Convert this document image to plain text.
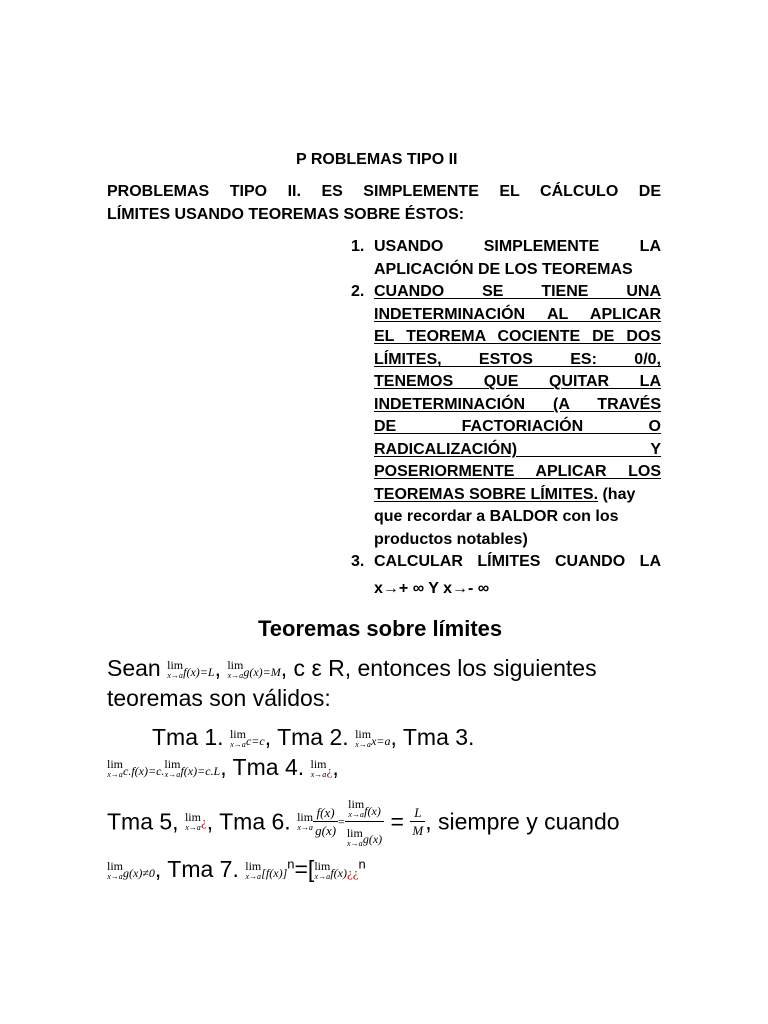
P ROBLEMAS TIPO II
PROBLEMAS TIPO II. ES SIMPLEMENTE EL CÁLCULO DE
LÍMITES USANDO TEOREMAS SOBRE ÉSTOS:
1. USANDO SIMPLEMENTE LA
APLICACIÓN DE LOS TEOREMAS
2. CUANDO SE TIENE UNA
INDETERMINACIÓN AL APLICAR
EL TEOREMA COCIENTE DE DOS
LÍMITES, ESTOS ES: 0/0,
TENEMOS QUE QUITAR LA
INDETERMINACIÓN (A TRAVÉS
DE FACTORIACIÓN O
RADICALIZACIÓN) Y
POSERIORMENTE APLICAR LOS
TEOREMAS SOBRE LÍMITES. (hay
que recordar a BALDOR con los
productos notables)
3. CALCULAR LÍMITES CUANDO LA
x→+ ∞ Y x→- ∞
Teoremas sobre límites
Sean lim
x→a f(x)=L, lim
x→a g(x)=M, c ε R, entonces los siguientes
teoremas son válidos:
Tma 1. lim
x→a c=c, Tma 2. lim
x→a x=a, Tma 3.
lim
x→a c.f(x)=c. lim
x→a f(x)=c.L, Tma 4. lim
x→a ¿,
Tma 5, lim
x→a ¿, Tma 6. lim
$x\to a \frac{f(x)}{g(x)} = \lim$
x→a f(x)
lim
x→a $g(x) = \frac{L}{M}$ , siempre y cuando
lim
x→a g(x)≠0, Tma 7. lim
x→a $[f(x)]^n=$[ lim
x→a f(x)¿¿$^n$
